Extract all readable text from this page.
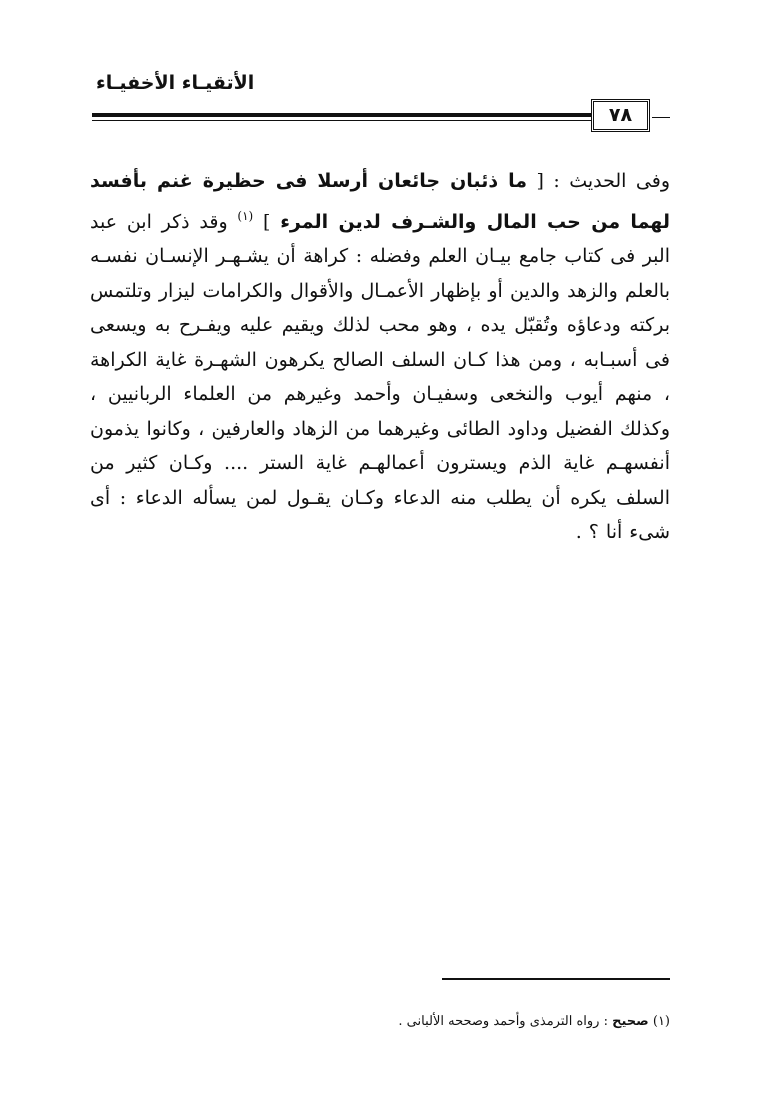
الأتقيـاء الأخفيـاء
٧٨
وفى الحديث : [ ما ذئبان جائعان أرسلا فى حظيرة غنم بأفسد لهما من حب المال والشـرف لدين المرء ] $^{(١)}$ وقد ذكر ابن عبد البر فى كتاب جامع بيـان العلم وفضله : كراهة أن يشـهـر الإنسـان نفسـه بالعلم والزهد والدين أو بإظهار الأعمـال والأقوال والكرامات ليزار وتلتمس بركته ودعاؤه وتُقبّل يده ، وهو محب لذلك ويقيم عليه ويفـرح به ويسعى فى أسبـابه ، ومن هذا كـان السلف الصالح يكرهون الشهـرة غاية الكراهة ، منهم أيوب والنخعى وسفيـان وأحمد وغيرهم من العلماء الربانيين ، وكذلك الفضيل وداود الطائى وغيرهما من الزهاد والعارفين ، وكانوا يذمون أنفسهـم غاية الذم ويسترون أعمالهـم غاية الستر .... وكـان كثير من السلف يكره أن يطلب منه الدعاء وكـان يقـول لمن يسأله الدعاء : أى شىء أنا ؟ .
(١) صحيح : رواه الترمذى وأحمد وصححه الألبانى .
